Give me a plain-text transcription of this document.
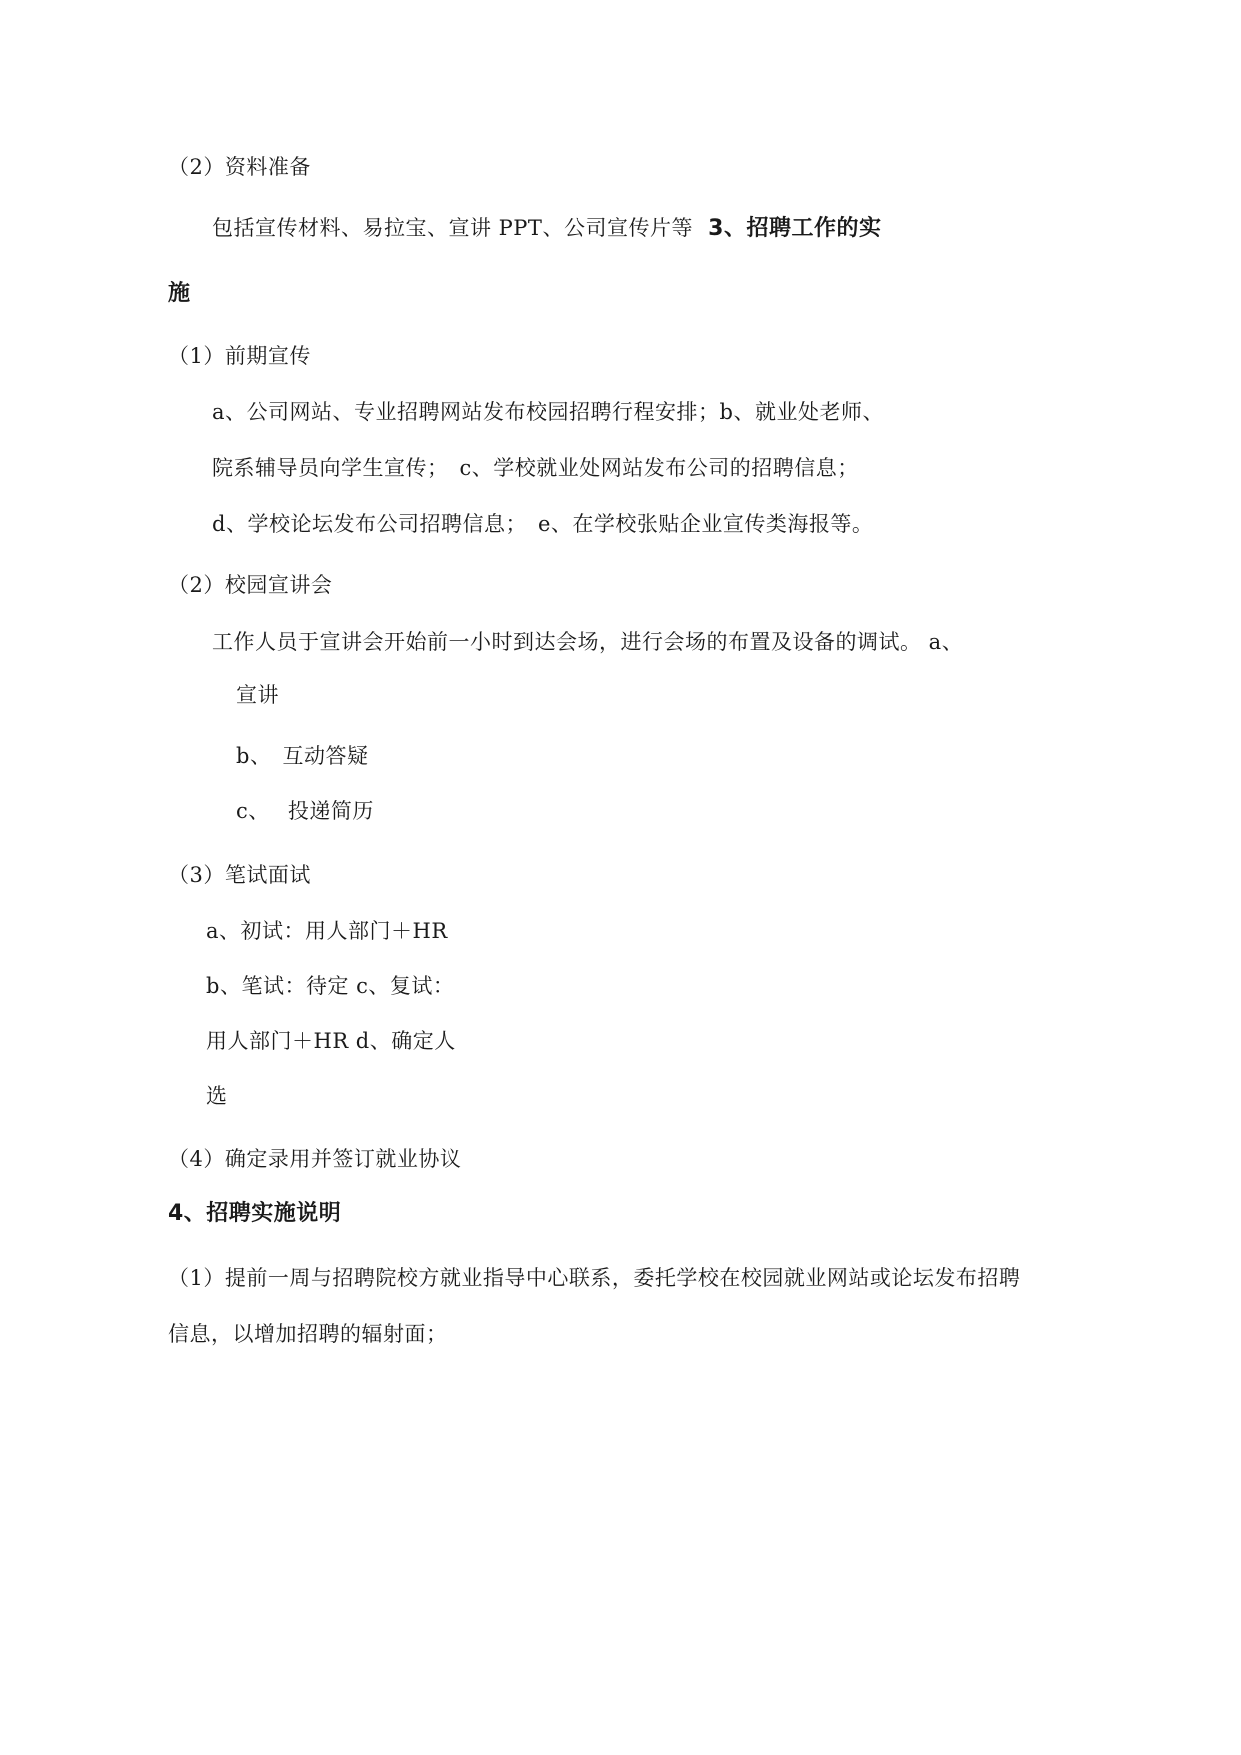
（2）资料准备
包括宣传材料、易拉宝、宣讲 PPT、公司宣传片等 3、招聘工作的实
施
（1）前期宣传
a、公司网站、专业招聘网站发布校园招聘行程安排；b、就业处老师、
院系辅导员向学生宣传；　c、学校就业处网站发布公司的招聘信息；
d、学校论坛发布公司招聘信息；　e、在学校张贴企业宣传类海报等。
（2）校园宣讲会
工作人员于宣讲会开始前一小时到达会场，进行会场的布置及设备的调试。 a、
宣讲
b、　互动答疑
c、　 投递简历
（3）笔试面试
a、初试：用人部门＋HR
b、笔试：待定 c、复试：
用人部门＋HR d、确定人
选
（4）确定录用并签订就业协议
4、招聘实施说明
（1）提前一周与招聘院校方就业指导中心联系，委托学校在校园就业网站或论坛发布招聘
信息，以增加招聘的辐射面；
